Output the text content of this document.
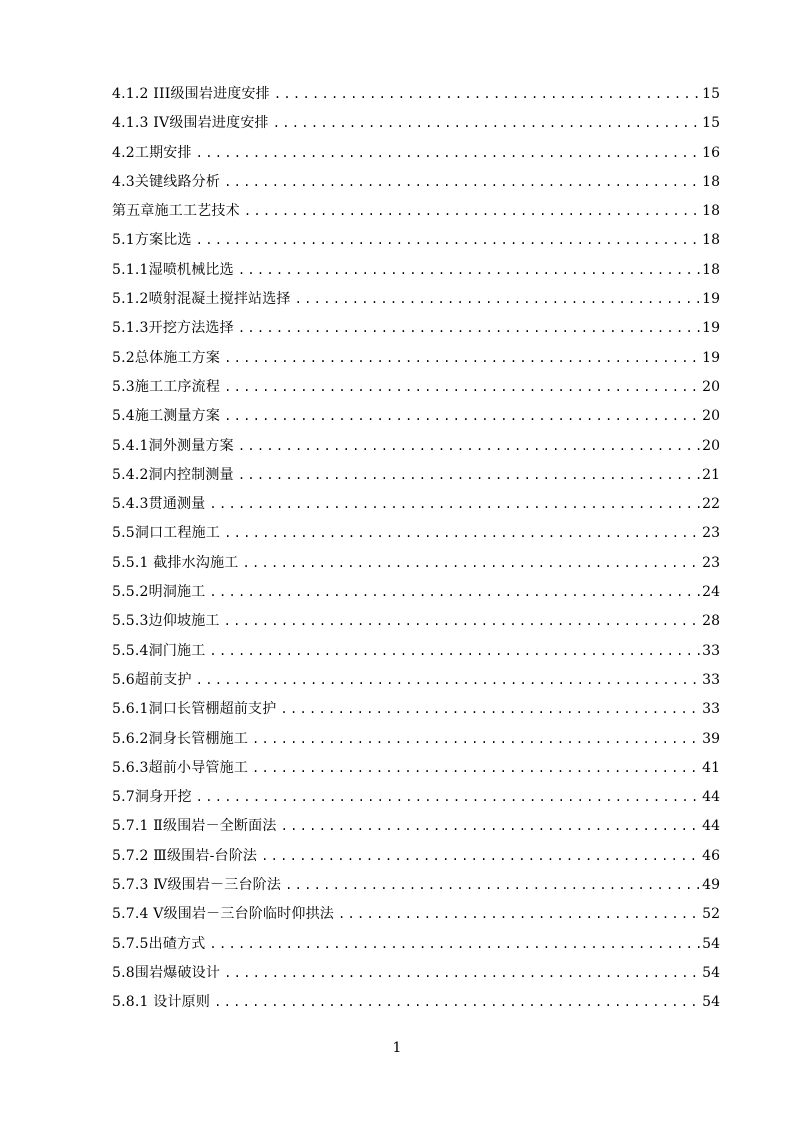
4.1.2 III级围岩进度安排 .....	15
4.1.3 IV级围岩进度安排 .....	15
4.2工期安排 .....	16
4.3关键线路分析 .....	18
第五章施工工艺技术 .....	18
5.1方案比选 .....	18
5.1.1湿喷机械比选 .....	18
5.1.2喷射混凝土搅拌站选择 .....	19
5.1.3开挖方法选择 .....	19
5.2总体施工方案 .....	19
5.3施工工序流程 .....	20
5.4施工测量方案 .....	20
5.4.1洞外测量方案 .....	20
5.4.2洞内控制测量 .....	21
5.4.3贯通测量 .....	22
5.5洞口工程施工 .....	23
5.5.1 截排水沟施工 .....	23
5.5.2明洞施工 .....	24
5.5.3边仰坡施工 .....	28
5.5.4洞门施工 .....	33
5.6超前支护 .....	33
5.6.1洞口长管棚超前支护 .....	33
5.6.2洞身长管棚施工 .....	39
5.6.3超前小导管施工 .....	41
5.7洞身开挖 .....	44
5.7.1 Ⅱ级围岩－全断面法 .....	44
5.7.2 Ⅲ级围岩-台阶法 .....	46
5.7.3 Ⅳ级围岩－三台阶法 .....	49
5.7.4 Ⅴ级围岩－三台阶临时仰拱法 .....	52
5.7.5出碴方式 .....	54
5.8围岩爆破设计 .....	54
5.8.1 设计原则 .....	54
1
